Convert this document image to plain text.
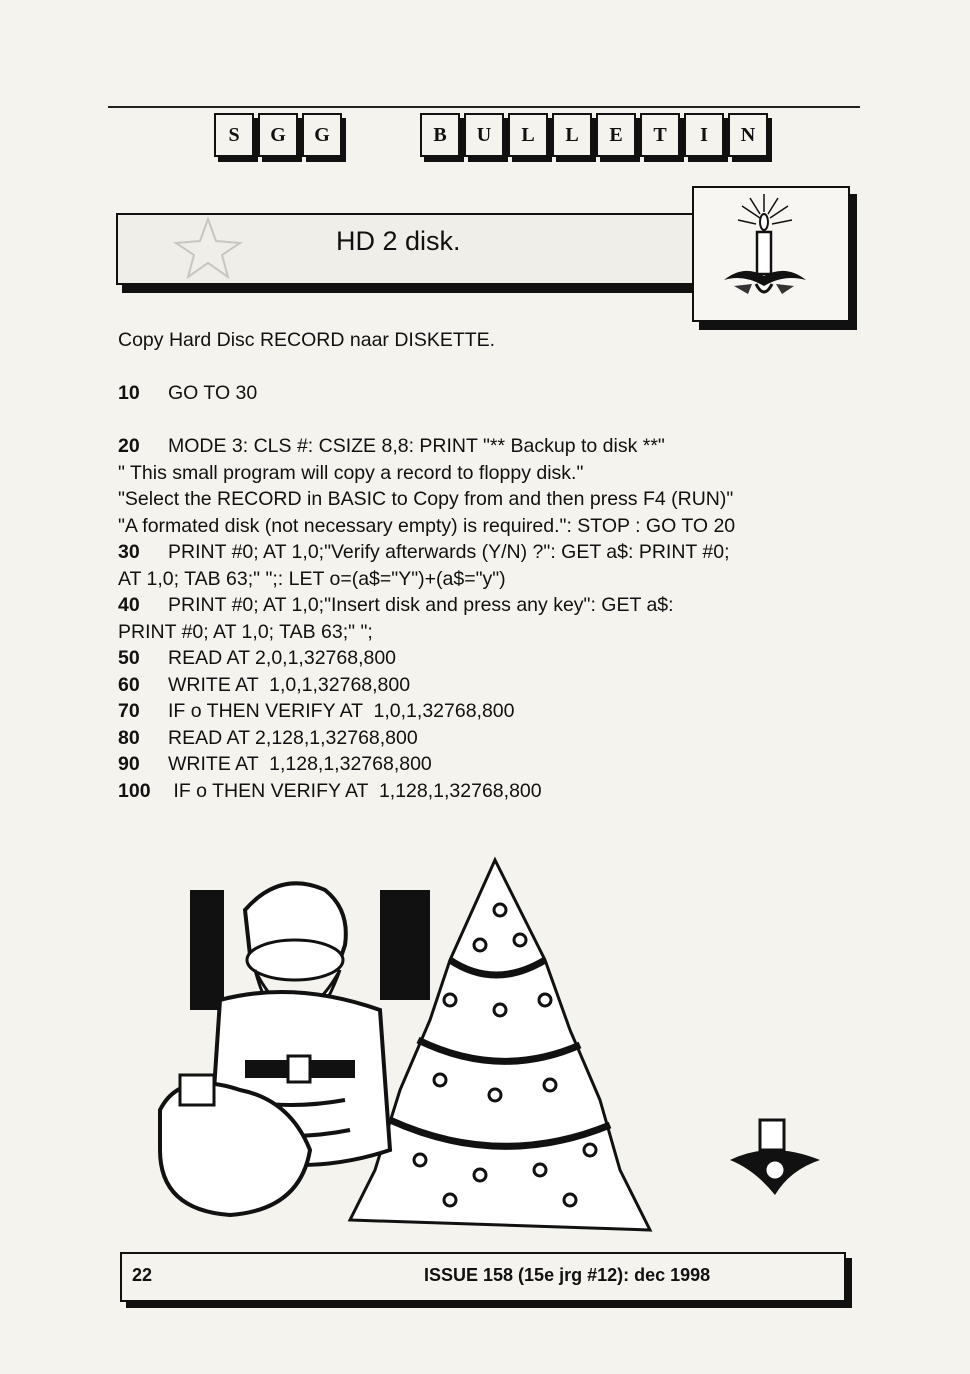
S	G	G	B	U	L	L	E	T	I	N
HD 2 disk.
Copy Hard Disc RECORD naar DISKETTE.
10 GO TO 30
20 MODE 3: CLS #: CSIZE 8,8: PRINT "** Backup to disk **"
" This small program will copy a record to floppy disk."
"Select the RECORD in BASIC to Copy from and then press F4 (RUN)"
"A formated disk (not necessary empty) is required.": STOP : GO TO 20
30 PRINT #0; AT 1,0;"Verify afterwards (Y/N) ?": GET a$: PRINT #0;
AT 1,0; TAB 63;" ";: LET o=(a$="Y")+(a$="y")
40 PRINT #0; AT 1,0;"Insert disk and press any key": GET a$:
PRINT #0; AT 1,0; TAB 63;" ";
50 READ AT 2,0,1,32768,800
60 WRITE AT  1,0,1,32768,800
70 IF o THEN VERIFY AT  1,0,1,32768,800
80 READ AT 2,128,1,32768,800
90 WRITE AT  1,128,1,32768,800
100 IF o THEN VERIFY AT  1,128,1,32768,800
22	ISSUE 158 (15e jrg #12): dec 1998
